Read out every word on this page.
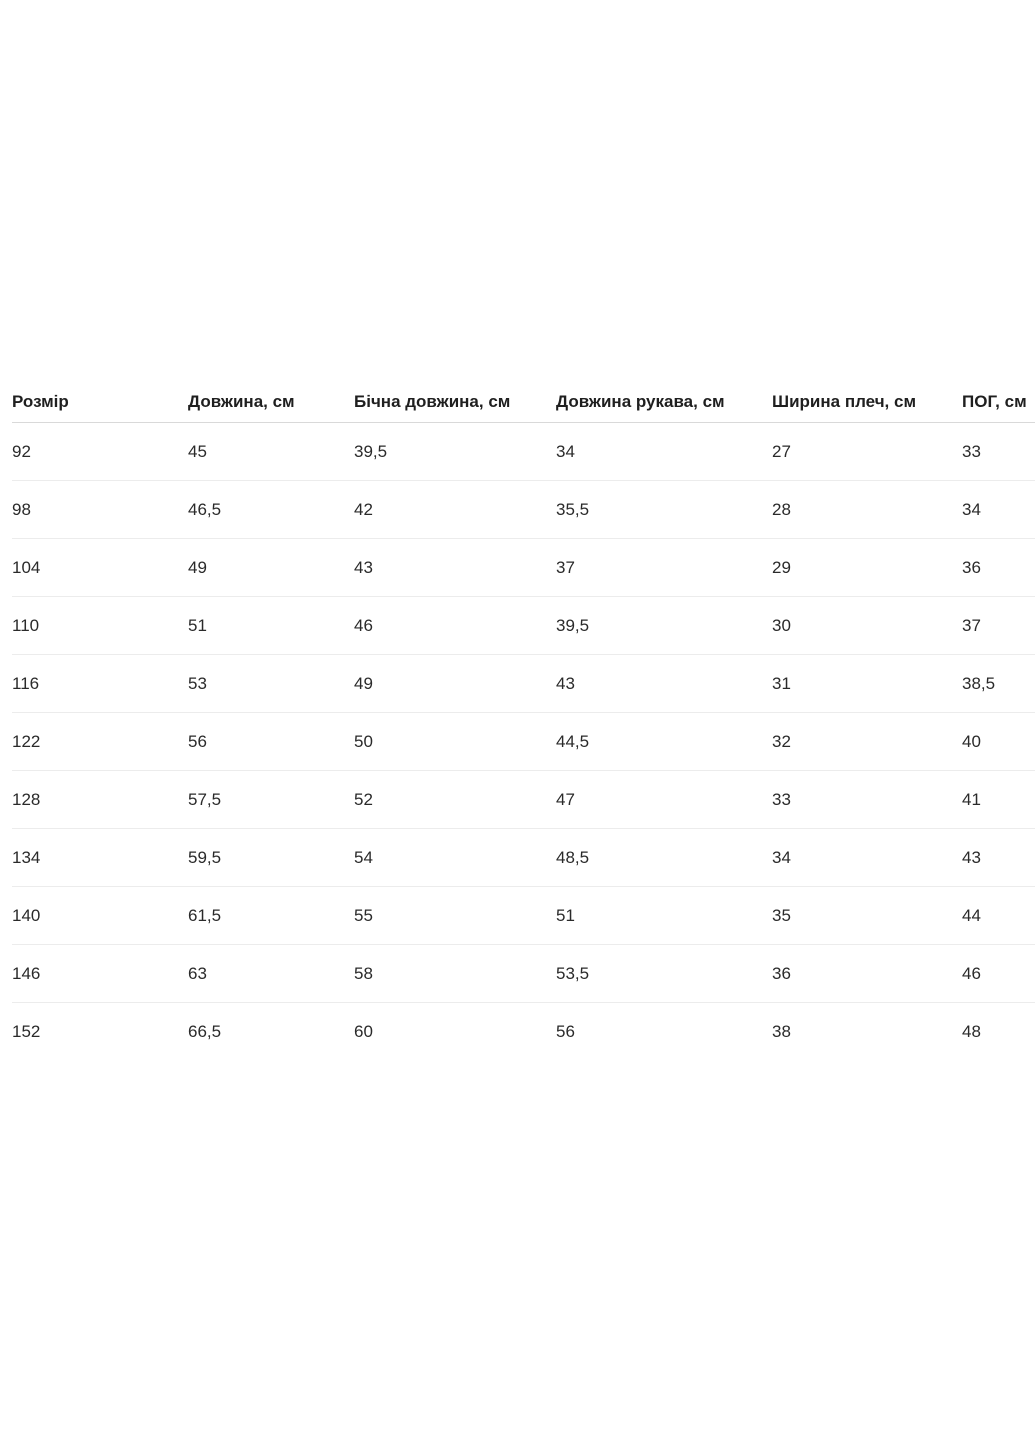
Розмір	Довжина, см	Бічна довжина, см	Довжина рукава, см	Ширина плеч, см	ПОГ, см
92	45	39,5	34	27	33
98	46,5	42	35,5	28	34
104	49	43	37	29	36
110	51	46	39,5	30	37
116	53	49	43	31	38,5
122	56	50	44,5	32	40
128	57,5	52	47	33	41
134	59,5	54	48,5	34	43
140	61,5	55	51	35	44
146	63	58	53,5	36	46
152	66,5	60	56	38	48
